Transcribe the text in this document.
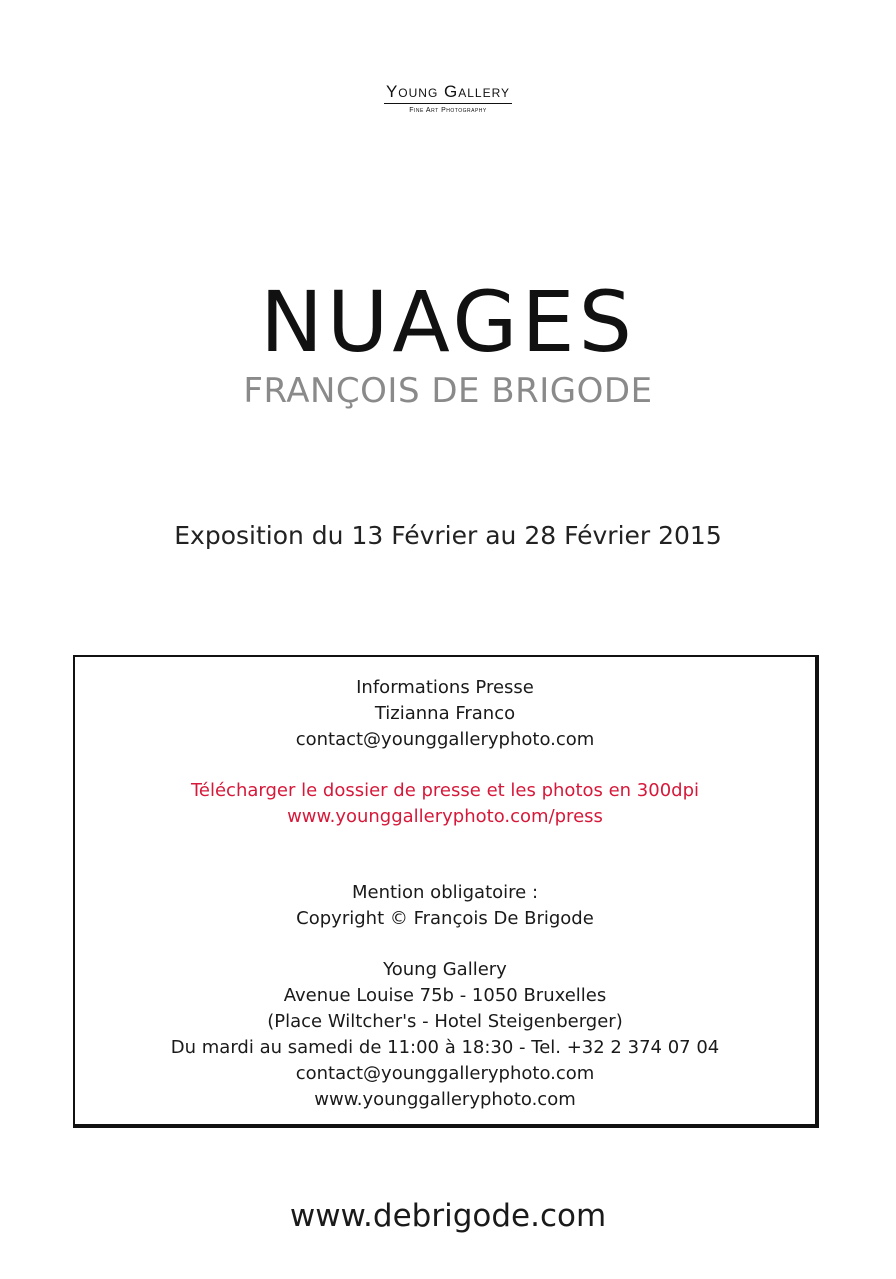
Young Gallery
Fine Art Photography
NUAGES
FRANÇOIS DE BRIGODE
Exposition du 13 Février au 28 Février 2015
Informations Presse
Tizianna Franco
contact@younggalleryphoto.com
Télécharger le dossier de presse et les photos en 300dpi
www.younggalleryphoto.com/press
Mention obligatoire :
Copyright © François De Brigode
Young Gallery
Avenue Louise 75b - 1050 Bruxelles
(Place Wiltcher's - Hotel Steigenberger)
Du mardi au samedi de 11:00 à 18:30 - Tel. +32 2 374 07 04
contact@younggalleryphoto.com
www.younggalleryphoto.com
www.debrigode.com
